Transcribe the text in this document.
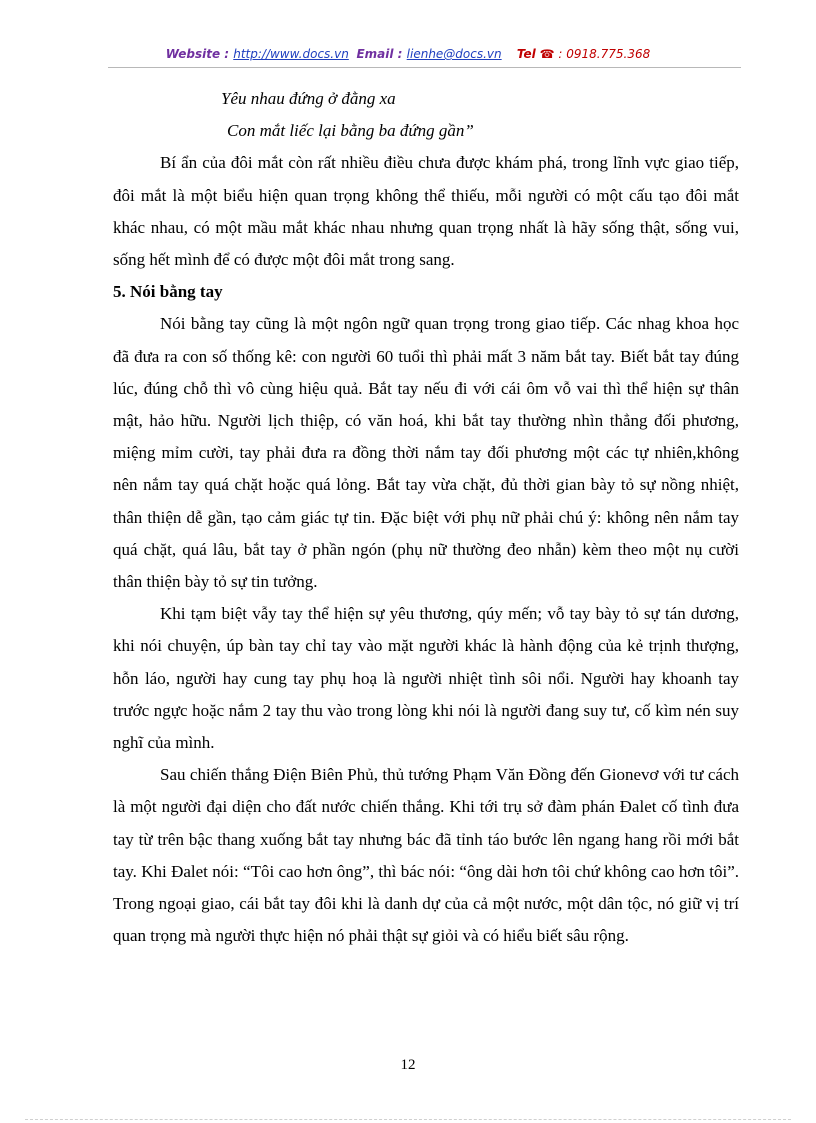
Website : http://www.docs.vn Email : lienhe@docs.vn Tel ☎ : 0918.775.368

Yêu nhau đứng ở đằng xa

Con mắt liếc lại bằng ba đứng gần”

Bí ẩn của đôi mắt còn rất nhiều điều chưa được khám phá, trong lĩnh vực giao tiếp, đôi mắt là một biểu hiện quan trọng không thể thiếu, mỗi người có một cấu tạo đôi mắt khác nhau, có một mầu mắt khác nhau nhưng quan trọng nhất là hãy sống thật, sống vui, sống hết mình để có được một đôi mắt trong sang.

5. Nói bằng tay

Nói bằng tay cũng là một ngôn ngữ quan trọng trong giao tiếp. Các nhag khoa học đã đưa ra con số thống kê: con người 60 tuổi thì phải mất 3 năm bắt tay. Biết bắt tay đúng lúc, đúng chỗ thì vô cùng hiệu quả. Bắt tay nếu đi với cái ôm vỗ vai thì thể hiện sự thân mật, hảo hữu. Người lịch thiệp, có văn hoá, khi bắt tay thường nhìn thẳng đối phương, miệng mỉm cười, tay phải đưa ra đồng thời nắm tay đối phương một các tự nhiên,không nên nắm tay quá chặt hoặc quá lỏng. Bắt tay vừa chặt, đủ thời gian bày tỏ sự nồng nhiệt, thân thiện dễ gần, tạo cảm giác tự tin. Đặc biệt với phụ nữ phải chú ý: không nên nắm tay quá chặt, quá lâu, bắt tay ở phần ngón (phụ nữ thường đeo nhẫn) kèm theo một nụ cười thân thiện bày tỏ sự tin tưởng.

Khi tạm biệt vẫy tay thể hiện sự yêu thương, qúy mến; vỗ tay bày tỏ sự tán dương, khi nói chuyện, úp bàn tay chỉ tay vào mặt người khác là hành động của kẻ trịnh thượng, hỗn láo, người hay cung tay phụ hoạ là người nhiệt tình sôi nổi. Người hay khoanh tay trước ngực hoặc nắm 2 tay thu vào trong lòng khi nói là người đang suy tư, cố kìm nén suy nghĩ của mình.

Sau chiến thắng Điện Biên Phủ, thủ tướng Phạm Văn Đồng đến Gionevơ với tư cách là một người đại diện cho đất nước chiến thắng. Khi tới trụ sở đàm phán Đalet cố tình đưa tay từ trên bậc thang xuống bắt tay nhưng bác đã tỉnh táo bước lên ngang hang rồi mới bắt tay. Khi Đalet nói: “Tôi cao hơn ông”, thì bác nói: “ông dài hơn tôi chứ không cao hơn tôi”. Trong ngoại giao, cái bắt tay đôi khi là danh dự của cả một nước, một dân tộc, nó giữ vị trí quan trọng mà người thực hiện nó phải thật sự giỏi và có hiểu biết sâu rộng.

12
